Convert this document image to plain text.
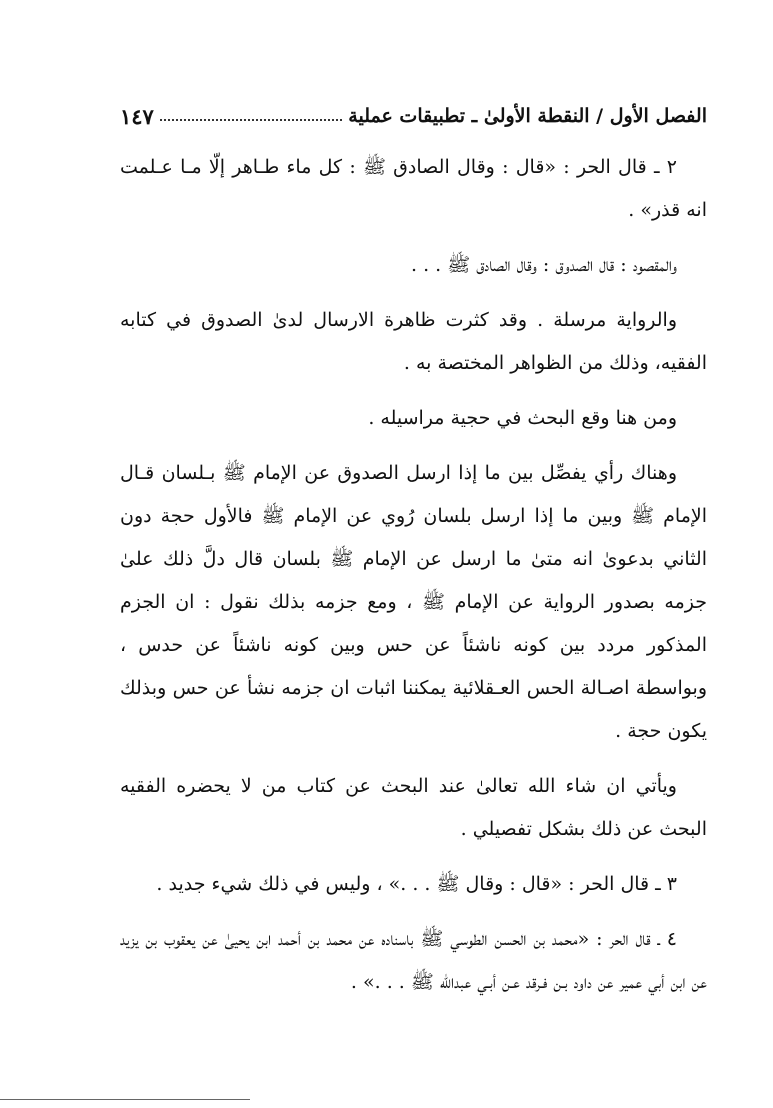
الفصل الأول / النقطة الأولىٰ ـ تطبيقات عملية
١٤٧

٢ ـ قال الحر : «قال : وقال الصادق ﷺ : كل ماء طـاهر إلّا مـا عـلمت انه قذر» .

والمقصود : قال الصدوق : وقال الصادق ﷺ . . .

والرواية مرسلة . وقد كثرت ظاهرة الارسال لدىٰ الصدوق في كتابه الفقيه، وذلك من الظواهر المختصة به .

ومن هنا وقع البحث في حجية مراسيله .

وهناك رأي يفصِّل بين ما إذا ارسل الصدوق عن الإمام ﷺ بـلسان قـال الإمام ﷺ وبين ما إذا ارسل بلسان رُوي عن الإمام ﷺ فالأول حجة دون الثاني بدعوىٰ انه متىٰ ما ارسل عن الإمام ﷺ بلسان قال دلَّ ذلك علىٰ جزمه بصدور الرواية عن الإمام ﷺ ، ومع جزمه بذلك نقول : ان الجزم المذكور مردد بين كونه ناشئاً عن حس وبين كونه ناشئاً عن حدس ، وبواسطة اصـالة الحس العـقلائية يمكننا اثبات ان جزمه نشأ عن حس وبذلك يكون حجة .

ويأتي ان شاء الله تعالىٰ عند البحث عن كتاب من لا يحضره الفقيه البحث عن ذلك بشكل تفصيلي .

٣ ـ قال الحر : «قال : وقال ﷺ . . .» ، وليس في ذلك شيء جديد .

٤ ـ قال الحر : «محمد بن الحسن الطوسي ﷺ باسناده عن محمد بن أحمد ابن يحيىٰ عن يعقوب بن يزيد عن ابن أبي عمير عن داود بـن فـرقد عـن أبـي عبدالله ﷺ . . .» .
